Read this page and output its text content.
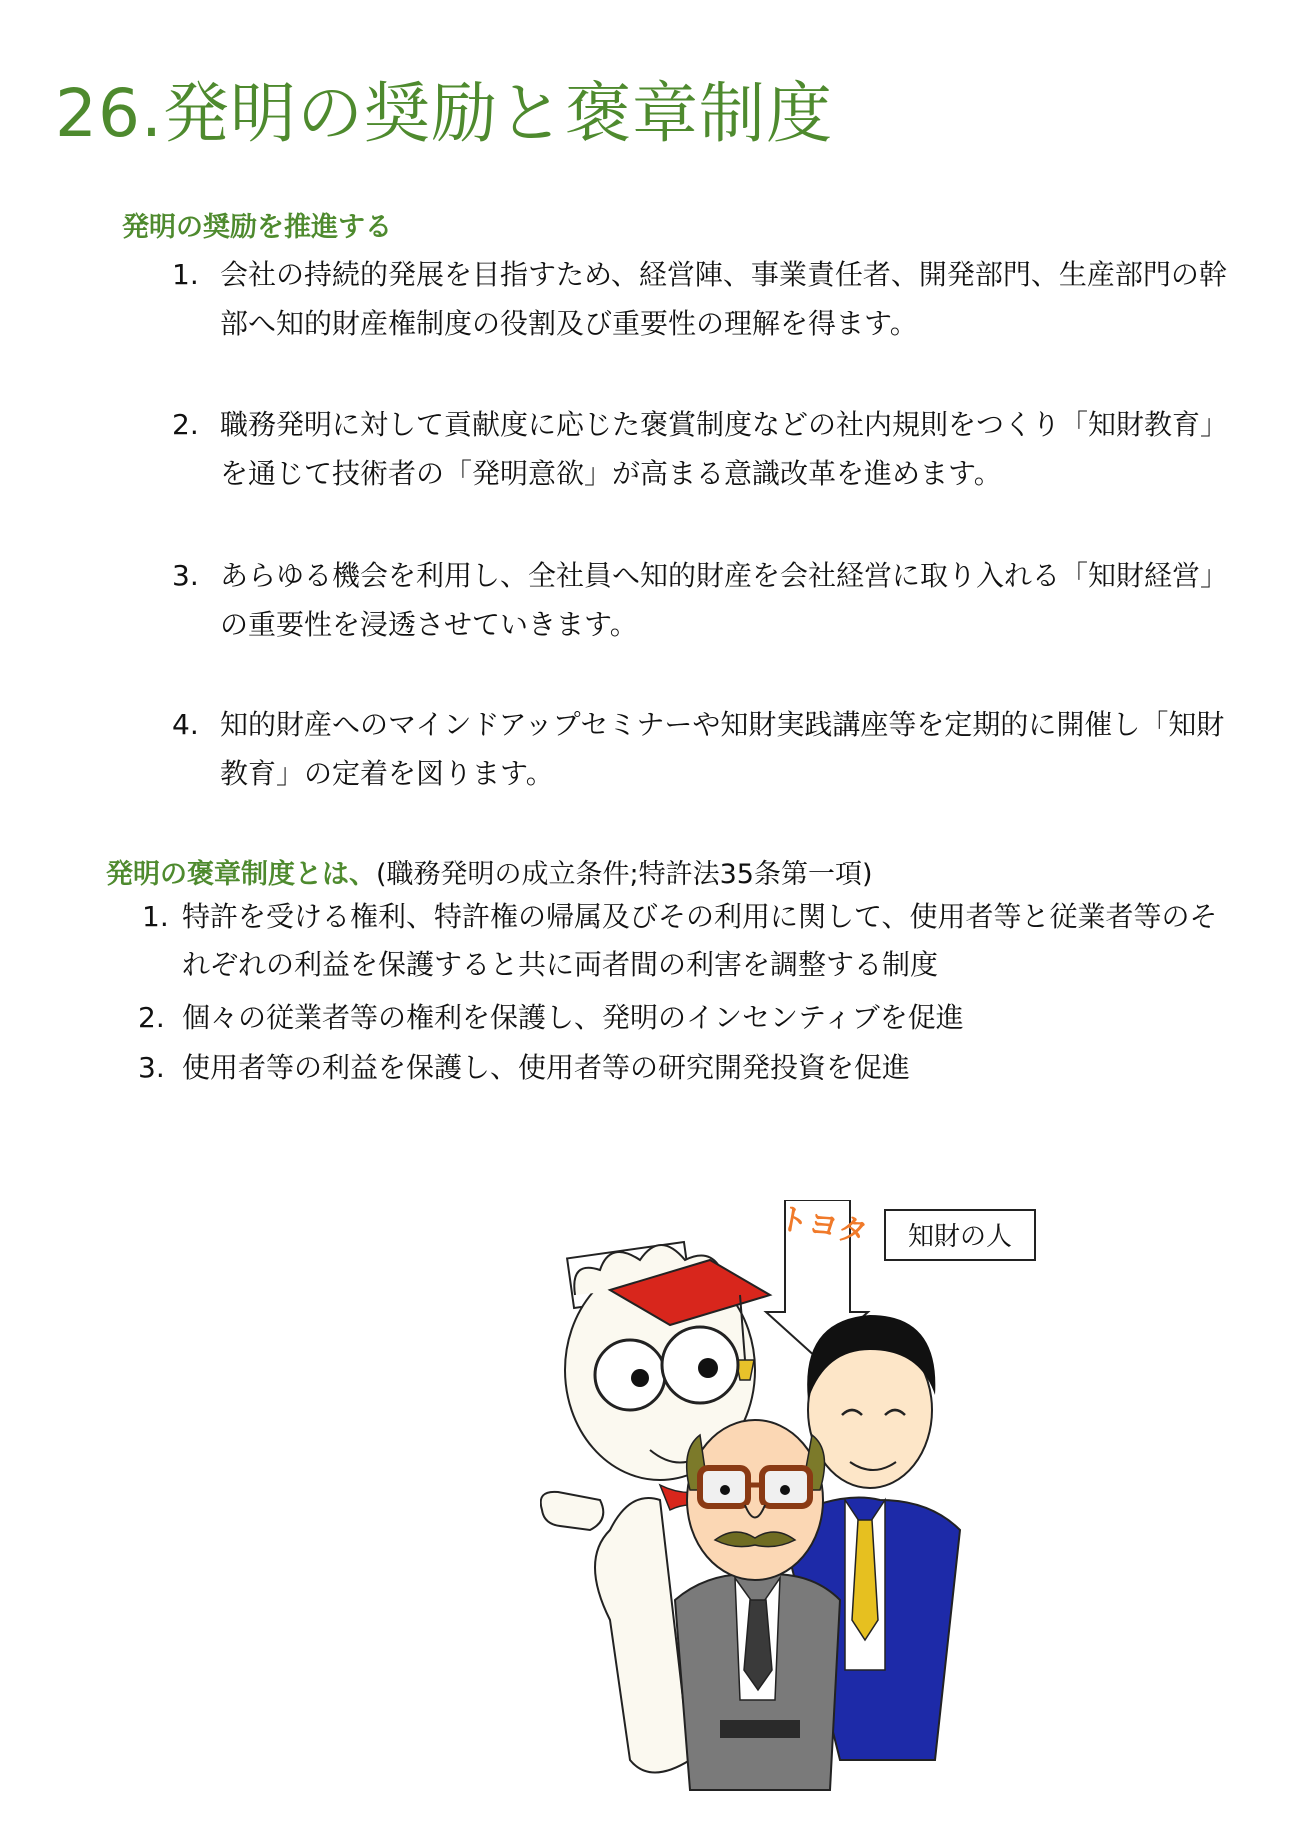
26.発明の奨励と褒章制度
発明の奨励を推進する
1. 会社の持続的発展を目指すため、経営陣、事業責任者、開発部門、生産部門の幹部へ知的財産権制度の役割及び重要性の理解を得ます。
2. 職務発明に対して貢献度に応じた褒賞制度などの社内規則をつくり「知財教育」を通じて技術者の「発明意欲」が高まる意識改革を進めます。
3. あらゆる機会を利用し、全社員へ知的財産を会社経営に取り入れる「知財経営」の重要性を浸透させていきます。
4. 知的財産へのマインドアップセミナーや知財実践講座等を定期的に開催し「知財教育」の定着を図ります。
発明の褒章制度とは、(職務発明の成立条件;特許法35条第一項)
1. 特許を受ける権利、特許権の帰属及びその利用に関して、使用者等と従業者等のそれぞれの利益を保護すると共に両者間の利害を調整する制度
2. 個々の従業者等の権利を保護し、発明のインセンティブを促進
3. 使用者等の利益を保護し、使用者等の研究開発投資を促進
トヨタ 知財の人
